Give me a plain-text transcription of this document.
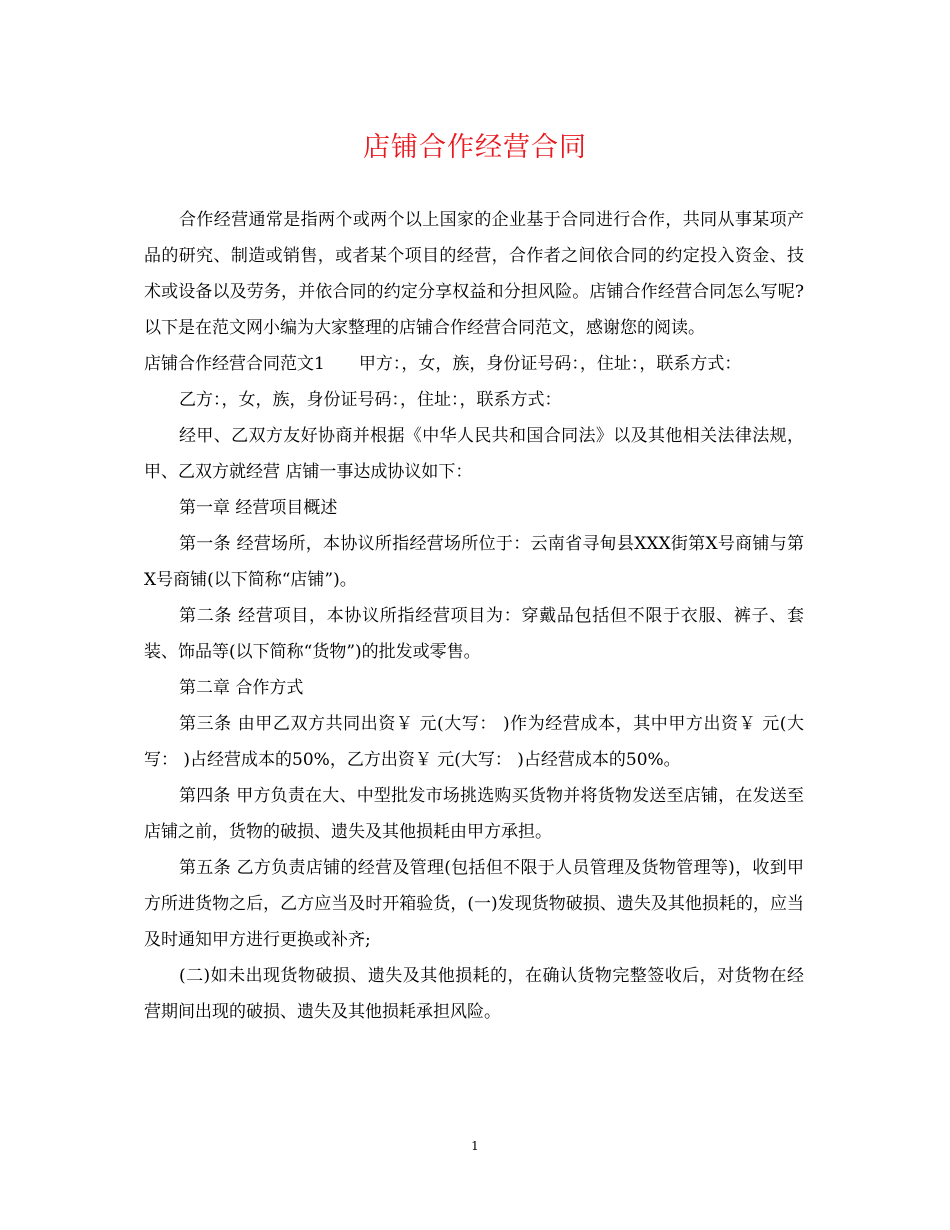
店铺合作经营合同

合作经营通常是指两个或两个以上国家的企业基于合同进行合作，共同从事某项产品的研究、制造或销售，或者某个项目的经营，合作者之间依合同的约定投入资金、技术或设备以及劳务，并依合同的约定分享权益和分担风险。店铺合作经营合同怎么写呢?以下是在范文网小编为大家整理的店铺合作经营合同范文，感谢您的阅读。

店铺合作经营合同范文1　　甲方：，女，族，身份证号码：，住址：，联系方式：

乙方：，女，族，身份证号码：，住址：，联系方式：

经甲、乙双方友好协商并根据《中华人民共和国合同法》以及其他相关法律法规，甲、乙双方就经营 店铺一事达成协议如下：

第一章 经营项目概述

第一条 经营场所，本协议所指经营场所位于：云南省寻甸县XXX街第X号商铺与第X号商铺(以下简称“店铺”)。

第二条 经营项目，本协议所指经营项目为：穿戴品包括但不限于衣服、裤子、套装、饰品等(以下简称“货物”)的批发或零售。

第二章 合作方式

第三条 由甲乙双方共同出资￥ 元(大写： )作为经营成本，其中甲方出资￥ 元(大写： )占经营成本的50%，乙方出资￥ 元(大写： )占经营成本的50%。

第四条 甲方负责在大、中型批发市场挑选购买货物并将货物发送至店铺，在发送至店铺之前，货物的破损、遗失及其他损耗由甲方承担。

第五条 乙方负责店铺的经营及管理(包括但不限于人员管理及货物管理等)，收到甲方所进货物之后，乙方应当及时开箱验货，(一)发现货物破损、遗失及其他损耗的，应当及时通知甲方进行更换或补齐;

(二)如未出现货物破损、遗失及其他损耗的，在确认货物完整签收后，对货物在经营期间出现的破损、遗失及其他损耗承担风险。

1
